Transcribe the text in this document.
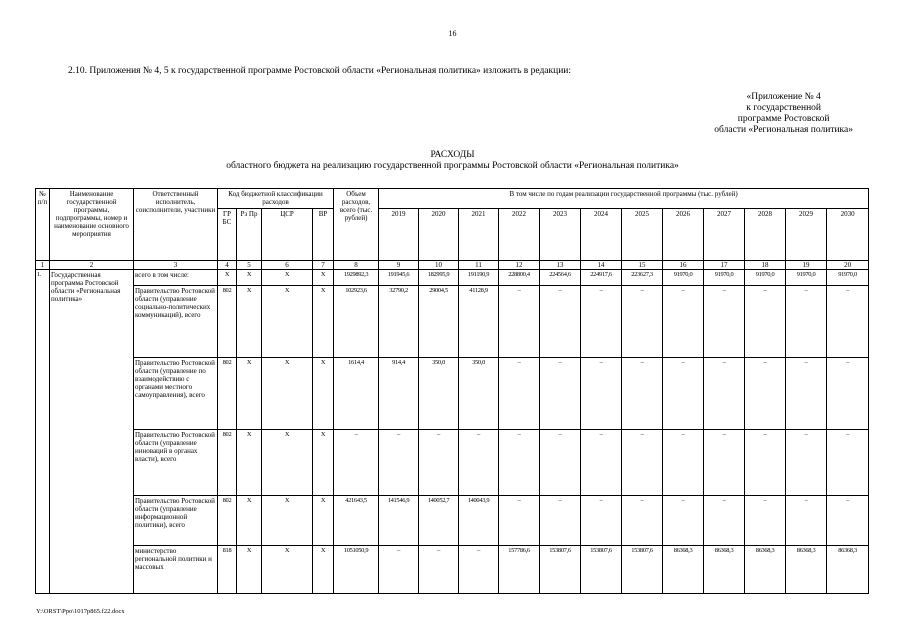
16
2.10. Приложения № 4, 5 к государственной программе Ростовской области «Региональная политика» изложить в редакции:
«Приложение № 4
к государственной
программе Ростовской
области «Региональная политика»
РАСХОДЫ
областного бюджета на реализацию государственной программы Ростовской области «Региональная политика»
№ п/п	Наименование государственной программы, подпрограммы, номер и наименование основного мероприятия	Ответственный исполнитель, соисполнители, участники	Код бюджетной классификации расходов				Объем расходов, всего (тыс. рублей)	В том числе по годам реализации государственной программы (тыс. рублей)											
			ГР БС	Рз Пр	ЦСР	ВР		2019	2020	2021	2022	2023	2024	2025	2026	2027	2028	2029	2030
1	2	3	4	5	6	7	8	9	10	11	12	13	14	15	16	17	18	19	20
1.	Государственная программа Ростовской области «Региональная политика»	всего в том числе:	X	X	X	X	1929892,3	191945,6	182995,9	191190,9	228800,4	224564,6	224917,6	223627,3	91970,0	91970,0	91970,0	91970,0	91970,0
		Правительство Ростовской области (управление социально-политических коммуникаций), всего	802	X	X	X	102923,6	32790,2	29004,5	41128,9	–	–	–	–	–	–	–	–	–
		Правительство Ростовской области (управление по взаимодействию с органами местного самоуправления), всего	802	X	X	X	1614,4	914,4	350,0	350,0	–	–	–	–	–	–	–	–	–
		Правительство Ростовской области (управление инноваций в органах власти), всего	802	X	X	X	–	–	–	–	–	–	–	–	–	–	–	–	–
		Правительство Ростовской области (управление информационной политики), всего	802	X	X	X	421643,5	141546,9	140052,7	140043,9	–	–	–	–	–	–	–	–	–
		министерство региональной политики и массовых	818	X	X	X	1051050,9	–	–	–	157786,6	153807,6	153807,6	153807,6	86368,3	86368,3	86368,3	86368,3	86368,3
Y:\ORST\Ppo\1017p865.f22.docx
